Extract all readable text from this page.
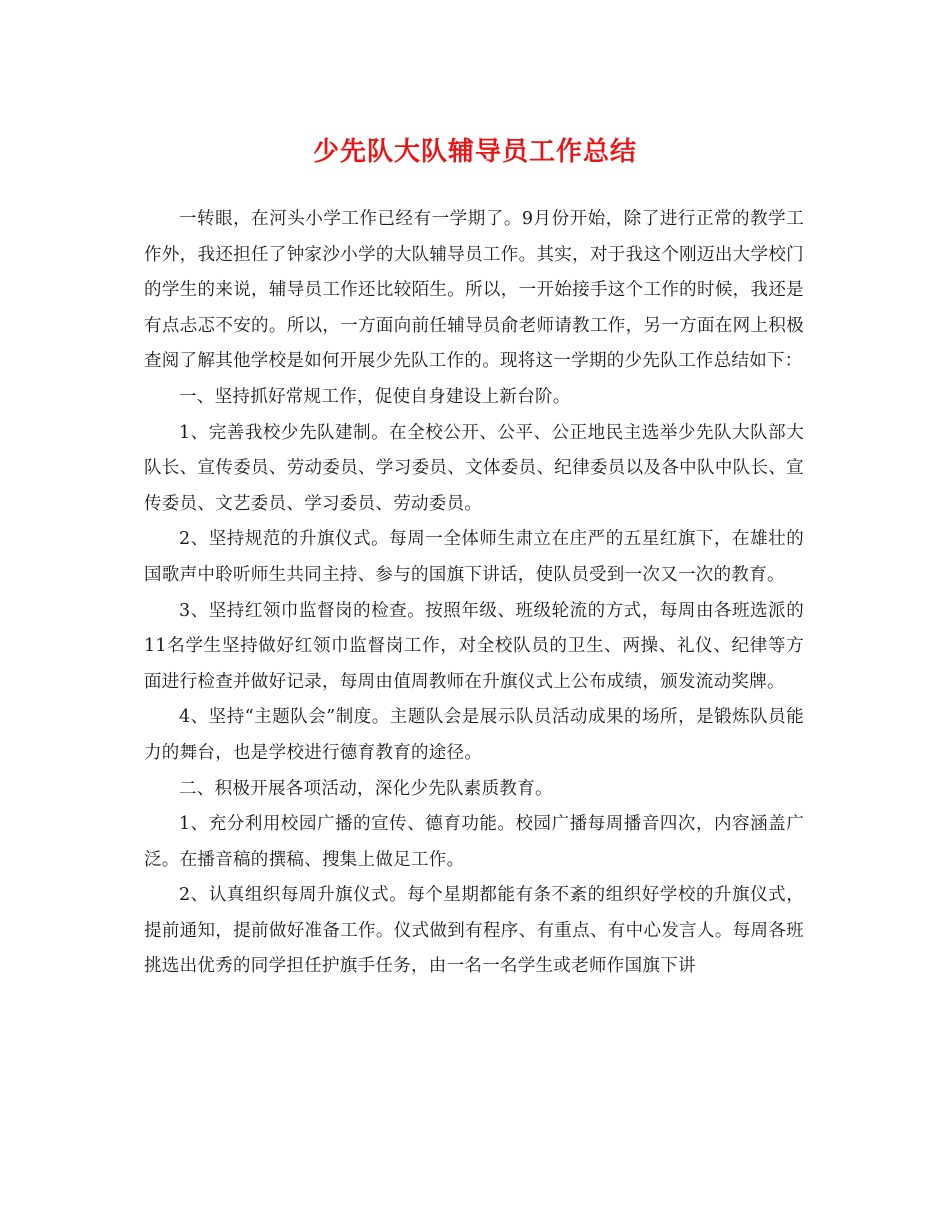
少先队大队辅导员工作总结

一转眼，在河头小学工作已经有一学期了。9月份开始，除了进行正常的教学工作外，我还担任了钟家沙小学的大队辅导员工作。其实，对于我这个刚迈出大学校门的学生的来说，辅导员工作还比较陌生。所以，一开始接手这个工作的时候，我还是有点忐忑不安的。所以，一方面向前任辅导员俞老师请教工作，另一方面在网上积极查阅了解其他学校是如何开展少先队工作的。现将这一学期的少先队工作总结如下：

一、坚持抓好常规工作，促使自身建设上新台阶。

1、完善我校少先队建制。在全校公开、公平、公正地民主选举少先队大队部大队长、宣传委员、劳动委员、学习委员、文体委员、纪律委员以及各中队中队长、宣传委员、文艺委员、学习委员、劳动委员。

2、坚持规范的升旗仪式。每周一全体师生肃立在庄严的五星红旗下，在雄壮的国歌声中聆听师生共同主持、参与的国旗下讲话，使队员受到一次又一次的教育。

3、坚持红领巾监督岗的检查。按照年级、班级轮流的方式，每周由各班选派的11名学生坚持做好红领巾监督岗工作，对全校队员的卫生、两操、礼仪、纪律等方面进行检查并做好记录，每周由值周教师在升旗仪式上公布成绩，颁发流动奖牌。

4、坚持“主题队会”制度。主题队会是展示队员活动成果的场所，是锻炼队员能力的舞台，也是学校进行德育教育的途径。

二、积极开展各项活动，深化少先队素质教育。

1、充分利用校园广播的宣传、德育功能。校园广播每周播音四次，内容涵盖广泛。在播音稿的撰稿、搜集上做足工作。

2、认真组织每周升旗仪式。每个星期都能有条不紊的组织好学校的升旗仪式，提前通知，提前做好准备工作。仪式做到有程序、有重点、有中心发言人。每周各班挑选出优秀的同学担任护旗手任务，由一名一名学生或老师作国旗下讲
